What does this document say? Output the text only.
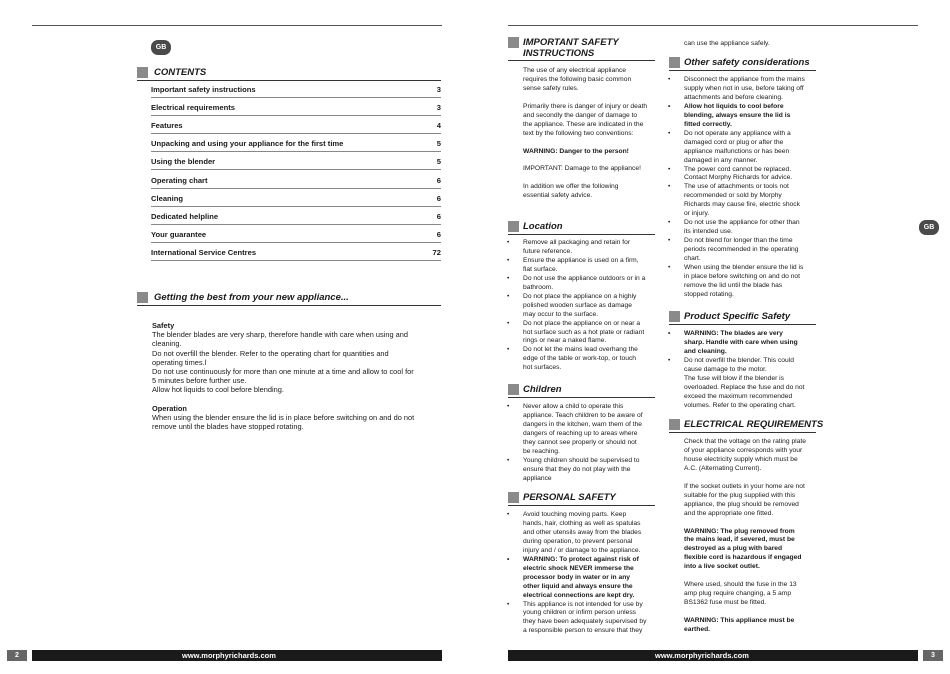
GB
CONTENTS
Important safety instructions	3
Electrical requirements	3
Features	4
Unpacking and using your appliance for the first time	5
Using the blender	5
Operating chart	6
Cleaning	6
Dedicated helpline	6
Your guarantee	6
International Service Centres	72
Getting the best from your new appliance...
Safety
The blender blades are very sharp, therefore handle with care when using and
cleaning.
Do not overfill the blender. Refer to the operating chart for quantities and
operating times.l
Do not use continuously for more than one minute at a time and allow to cool for
5 minutes before further use.
Allow hot liquids to cool before blending.
Operation
When using the blender ensure the lid is in place before switching on and do not
remove until the blades have stopped rotating.
2	www.morphyrichards.com
IMPORTANT SAFETY
INSTRUCTIONS

The use of any electrical appliance
requires the following basic common
sense safety rules.

Primarily there is danger of injury or death
and secondly the danger of damage to
the appliance. These are indicated in the
text by the following two conventions:

WARNING: Danger to the person!

IMPORTANT: Damage to the appliance!

In addition we offer the following
essential safety advice.

Location
• Remove all packaging and retain for
future reference.
• Ensure the appliance is used on a firm,
flat surface.
• Do not use the appliance outdoors or in a
bathroom.
• Do not place the appliance on a highly
polished wooden surface as damage
may occur to the surface.
• Do not place the appliance on or near a
hot surface such as a hot plate or radiant
rings or near a naked flame.
• Do not let the mains lead overhang the
edge of the table or work-top, or touch
hot surfaces.
Children
• Never allow a child to operate this
appliance. Teach children to be aware of
dangers in the kitchen, warn them of the
dangers of reaching up to areas where
they cannot see properly or should not
be reaching.
• Young children should be supervised to
ensure that they do not play with the
appliance
PERSONAL SAFETY
• Avoid touching moving parts. Keep
hands, hair, clothing as well as spatulas
and other utensils away from the blades
during operation, to prevent personal
injury and / or damage to the appliance.
• WARNING: To protect against risk of
electric shock NEVER immerse the
processor body in water or in any
other liquid and always ensure the
electrical connections are kept dry.
• This appliance is not intended for use by
young children or infirm person unless
they have been adequately supervised by
a responsible person to ensure that they

can use the appliance safely.

Other safety considerations
• Disconnect the appliance from the mains
supply when not in use, before taking off
attachments and before cleaning.
• Allow hot liquids to cool before
blending, always ensure the lid is
fitted correctly.
• Do not operate any appliance with a
damaged cord or plug or after the
appliance malfunctions or has been
damaged in any manner.
• The power cord cannot be replaced.
Contact Morphy Richards for advice.
• The use of attachments or tools not
recommended or sold by Morphy
Richards may cause fire, electric shock
or injury.
• Do not use the appliance for other than
its intended use.
• Do not blend for longer than the time
periods recommended in the operating
chart.
• When using the blender ensure the lid is
in place before switching on and do not
remove the lid until the blade has
stopped rotating.
Product Specific Safety
• WARNING: The blades are very
sharp. Handle with care when using
and cleaning.
• Do not overfill the blender. This could
cause damage to the motor.
The fuse will blow if the blender is
overloaded. Replace the fuse and do not
exceed the maximum recommended
volumes. Refer to the operating chart.
ELECTRICAL REQUIREMENTS

Check that the voltage on the rating plate
of your appliance corresponds with your
house electricity supply which must be
A.C. (Alternating Current).

If the socket outlets in your home are not
suitable for the plug supplied with this
appliance, the plug should be removed
and the appropriate one fitted.

WARNING: The plug removed from
the mains lead, if severed, must be
destroyed as a plug with bared
flexible cord is hazardous if engaged
into a live socket outlet.

Where used, should the fuse in the 13
amp plug require changing, a 5 amp
BS1362 fuse must be fitted.

WARNING: This appliance must be
earthed.

GB
www.morphyrichards.com	3
